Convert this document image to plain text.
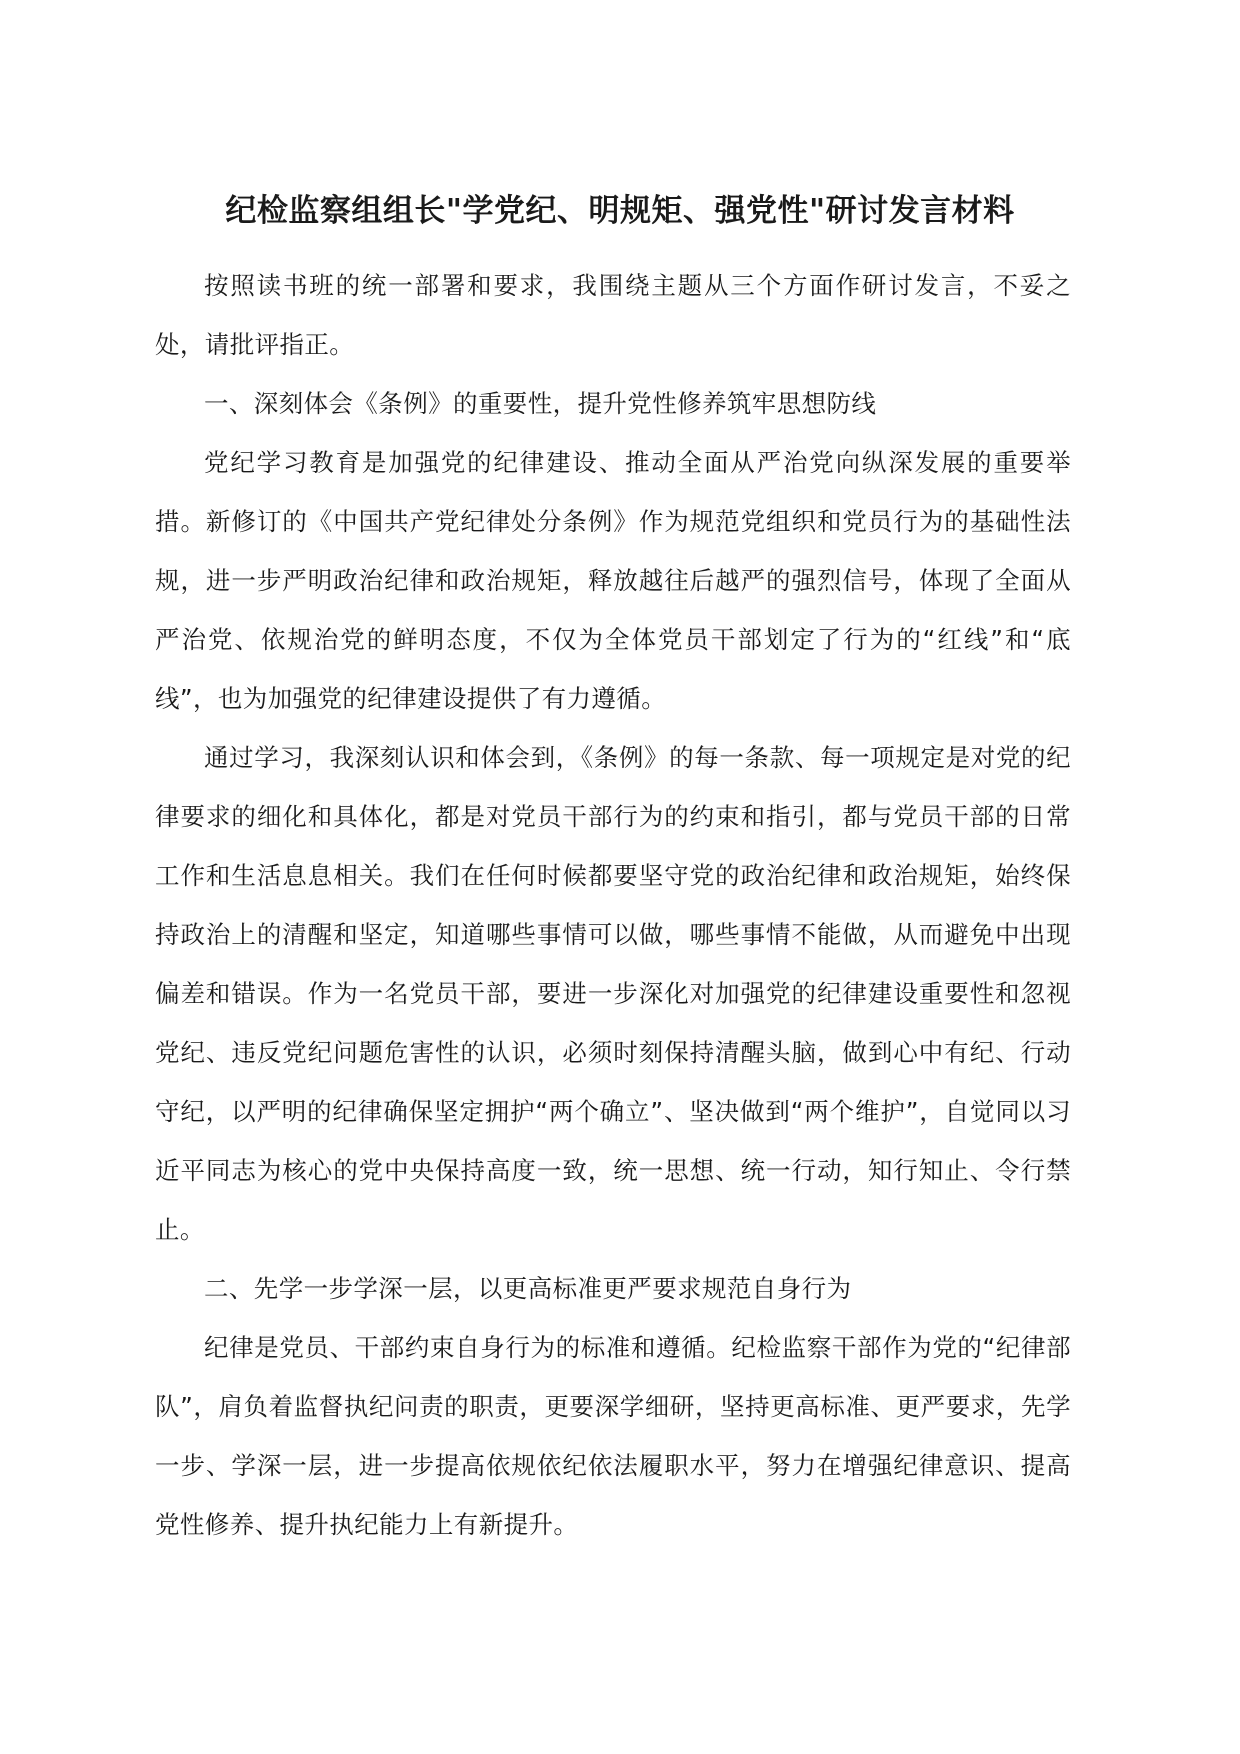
纪检监察组组长"学党纪、明规矩、强党性"研讨发言材料

按照读书班的统一部署和要求，我围绕主题从三个方面作研讨发言，不妥之处，请批评指正。

一、深刻体会《条例》的重要性，提升党性修养筑牢思想防线

党纪学习教育是加强党的纪律建设、推动全面从严治党向纵深发展的重要举措。新修订的《中国共产党纪律处分条例》作为规范党组织和党员行为的基础性法规，进一步严明政治纪律和政治规矩，释放越往后越严的强烈信号，体现了全面从严治党、依规治党的鲜明态度，不仅为全体党员干部划定了行为的“红线”和“底线”，也为加强党的纪律建设提供了有力遵循。

通过学习，我深刻认识和体会到，《条例》的每一条款、每一项规定是对党的纪律要求的细化和具体化，都是对党员干部行为的约束和指引，都与党员干部的日常工作和生活息息相关。我们在任何时候都要坚守党的政治纪律和政治规矩，始终保持政治上的清醒和坚定，知道哪些事情可以做，哪些事情不能做，从而避免中出现偏差和错误。作为一名党员干部，要进一步深化对加强党的纪律建设重要性和忽视党纪、违反党纪问题危害性的认识，必须时刻保持清醒头脑，做到心中有纪、行动守纪，以严明的纪律确保坚定拥护“两个确立”、坚决做到“两个维护”，自觉同以习近平同志为核心的党中央保持高度一致，统一思想、统一行动，知行知止、令行禁止。

二、先学一步学深一层，以更高标准更严要求规范自身行为

纪律是党员、干部约束自身行为的标准和遵循。纪检监察干部作为党的“纪律部队”，肩负着监督执纪问责的职责，更要深学细研，坚持更高标准、更严要求，先学一步、学深一层，进一步提高依规依纪依法履职水平，努力在增强纪律意识、提高党性修养、提升执纪能力上有新提升。
